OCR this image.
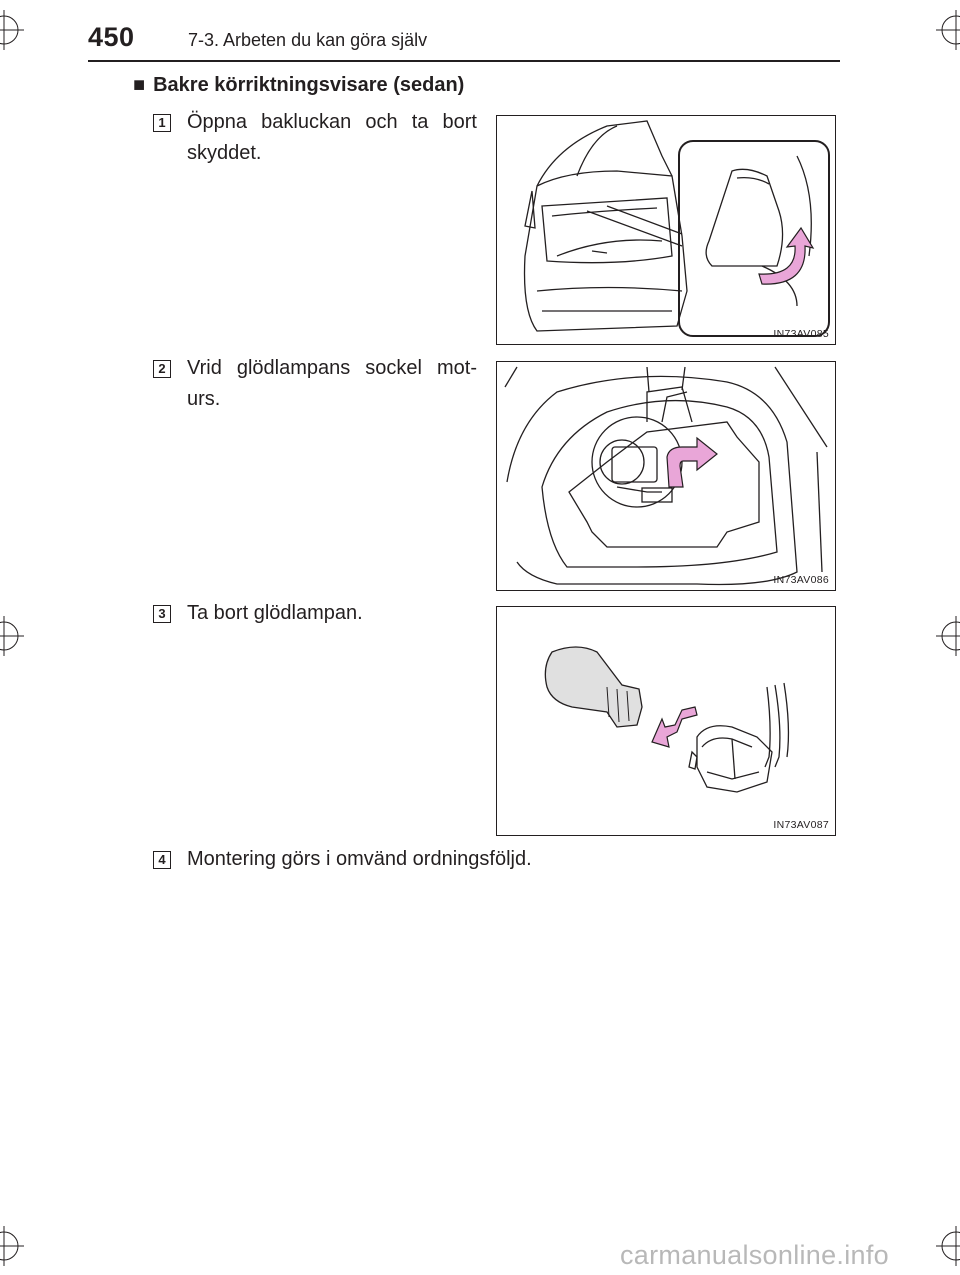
450	7-3. Arbeten du kan göra själv
■ Bakre körriktningsvisare (sedan)
1 Öppna bakluckan och ta bort skyddet.
IN73AV085
2 Vrid glödlampans sockel mot-urs.
IN73AV086
3 Ta bort glödlampan.
IN73AV087
4 Montering görs i omvänd ordningsföljd.
carmanualsonline.info
